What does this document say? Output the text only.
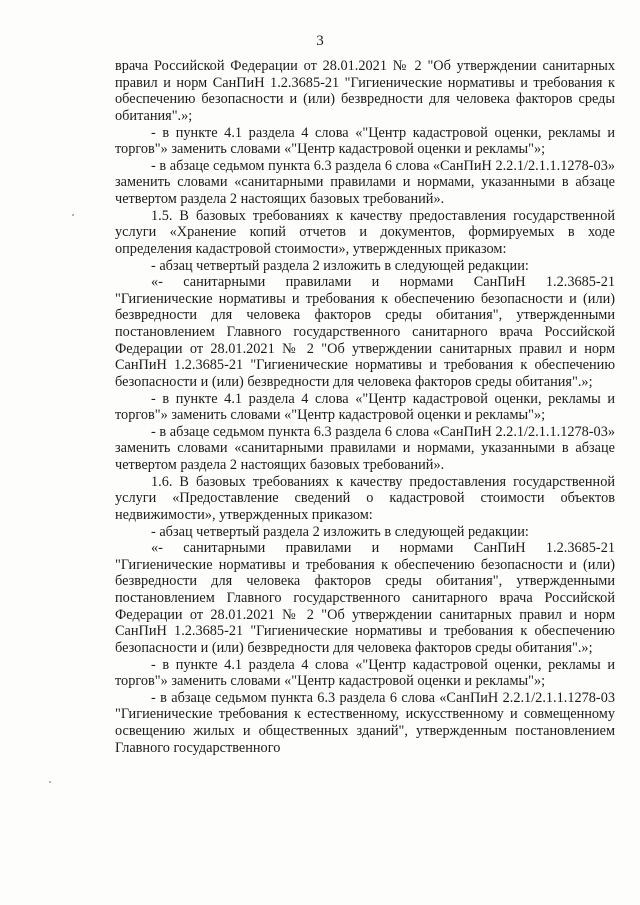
3

врача Российской Федерации от 28.01.2021 № 2 "Об утверждении санитарных правил и норм СанПиН 1.2.3685-21 "Гигиенические нормативы и требования к обеспечению безопасности и (или) безвредности для человека факторов среды обитания".»;

- в пункте 4.1 раздела 4 слова «"Центр кадастровой оценки, рекламы и торгов"» заменить словами «"Центр кадастровой оценки и рекламы"»;

- в абзаце седьмом пункта 6.3 раздела 6 слова «СанПиН 2.2.1/2.1.1.1278-03» заменить словами «санитарными правилами и нормами, указанными в абзаце четвертом раздела 2 настоящих базовых требований».

1.5. В базовых требованиях к качеству предоставления государственной услуги «Хранение копий отчетов и документов, формируемых в ходе определения кадастровой стоимости», утвержденных приказом:

- абзац четвертый раздела 2 изложить в следующей редакции:

«- санитарными правилами и нормами СанПиН 1.2.3685-21 "Гигиенические нормативы и требования к обеспечению безопасности и (или) безвредности для человека факторов среды обитания", утвержденными постановлением Главного государственного санитарного врача Российской Федерации от 28.01.2021 № 2 "Об утверждении санитарных правил и норм СанПиН 1.2.3685-21 "Гигиенические нормативы и требования к обеспечению безопасности и (или) безвредности для человека факторов среды обитания".»;

- в пункте 4.1 раздела 4 слова «"Центр кадастровой оценки, рекламы и торгов"» заменить словами «"Центр кадастровой оценки и рекламы"»;

- в абзаце седьмом пункта 6.3 раздела 6 слова «СанПиН 2.2.1/2.1.1.1278-03» заменить словами «санитарными правилами и нормами, указанными в абзаце четвертом раздела 2 настоящих базовых требований».

1.6. В базовых требованиях к качеству предоставления государственной услуги «Предоставление сведений о кадастровой стоимости объектов недвижимости», утвержденных приказом:

- абзац четвертый раздела 2 изложить в следующей редакции:

«- санитарными правилами и нормами СанПиН 1.2.3685-21 "Гигиенические нормативы и требования к обеспечению безопасности и (или) безвредности для человека факторов среды обитания", утвержденными постановлением Главного государственного санитарного врача Российской Федерации от 28.01.2021 № 2 "Об утверждении санитарных правил и норм СанПиН 1.2.3685-21 "Гигиенические нормативы и требования к обеспечению безопасности и (или) безвредности для человека факторов среды обитания".»;

- в пункте 4.1 раздела 4 слова «"Центр кадастровой оценки, рекламы и торгов"» заменить словами «"Центр кадастровой оценки и рекламы"»;

- в абзаце седьмом пункта 6.3 раздела 6 слова «СанПиН 2.2.1/2.1.1.1278-03 "Гигиенические требования к естественному, искусственному и совмещенному освещению жилых и общественных зданий", утвержденным постановлением Главного государственного
